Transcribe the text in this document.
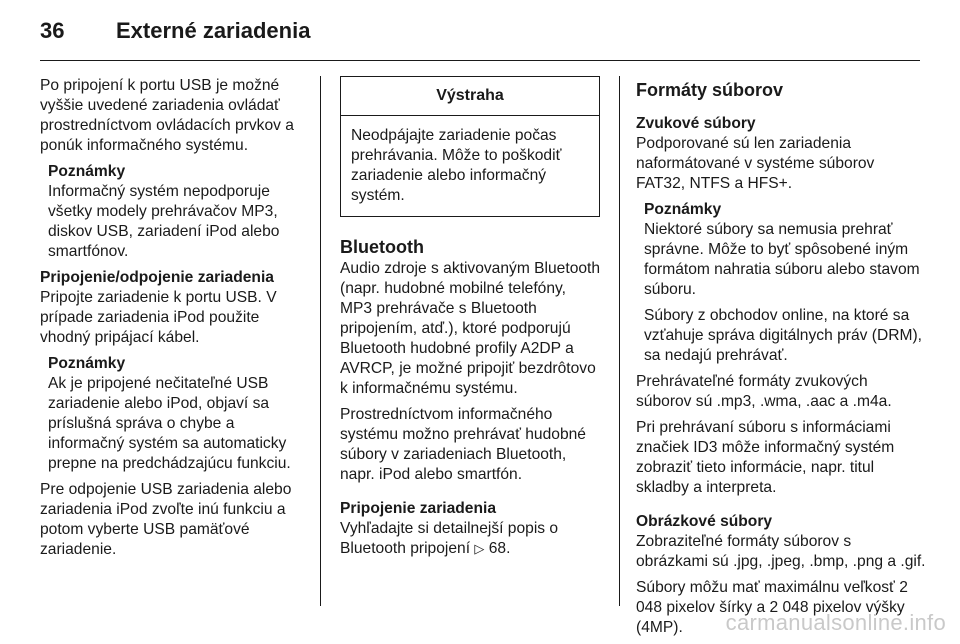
36 Externé zariadenia

Po pripojení k portu USB je možné vyššie uvedené zariadenia ovládať prostredníctvom ovládacích prvkov a ponúk informačného systému.

Poznámky
Informačný systém nepodporuje všetky modely prehrávačov MP3, diskov USB, zariadení iPod alebo smartfónov.
Pripojenie/odpojenie zariadenia

Pripojte zariadenie k portu USB. V prípade zariadenia iPod použite vhodný pripájací kábel.

Poznámky
Ak je pripojené nečitateľné USB zariadenie alebo iPod, objaví sa príslušná správa o chybe a informačný systém sa automaticky prepne na predchádzajúcu funkciu.

Pre odpojenie USB zariadenia alebo zariadenia iPod zvoľte inú funkciu a potom vyberte USB pamäťové zariadenie.

Výstraha
Neodpájajte zariadenie počas prehrávania. Môže to poškodiť zariadenie alebo informačný systém.
Bluetooth

Audio zdroje s aktivovaným Bluetooth (napr. hudobné mobilné telefóny, MP3 prehrávače s Bluetooth pripojením, atď.), ktoré podporujú Bluetooth hudobné profily A2DP a AVRCP, je možné pripojiť bezdrôtovo k informačnému systému.

Prostredníctvom informačného systému možno prehrávať hudobné súbory v zariadeniach Bluetooth, napr. iPod alebo smartfón.

Pripojenie zariadenia

Vyhľadajte si detailnejší popis o Bluetooth pripojení ▷ 68.

Formáty súborov
Zvukové súbory

Podporované sú len zariadenia naformátované v systéme súborov FAT32, NTFS a HFS+.

Poznámky

Niektoré súbory sa nemusia prehrať správne. Môže to byť spôsobené iným formátom nahratia súboru alebo stavom súboru.

Súbory z obchodov online, na ktoré sa vzťahuje správa digitálnych práv (DRM), sa nedajú prehrávať.

Prehrávateľné formáty zvukových súborov sú .mp3, .wma, .aac a .m4a.

Pri prehrávaní súboru s informáciami značiek ID3 môže informačný systém zobraziť tieto informácie, napr. titul skladby a interpreta.

Obrázkové súbory

Zobraziteľné formáty súborov s obrázkami sú .jpg, .jpeg, .bmp, .png a .gif.

Súbory môžu mať maximálnu veľkosť 2 048 pixelov šírky a 2 048 pixelov výšky (4MP).	carmanualsonline.info
